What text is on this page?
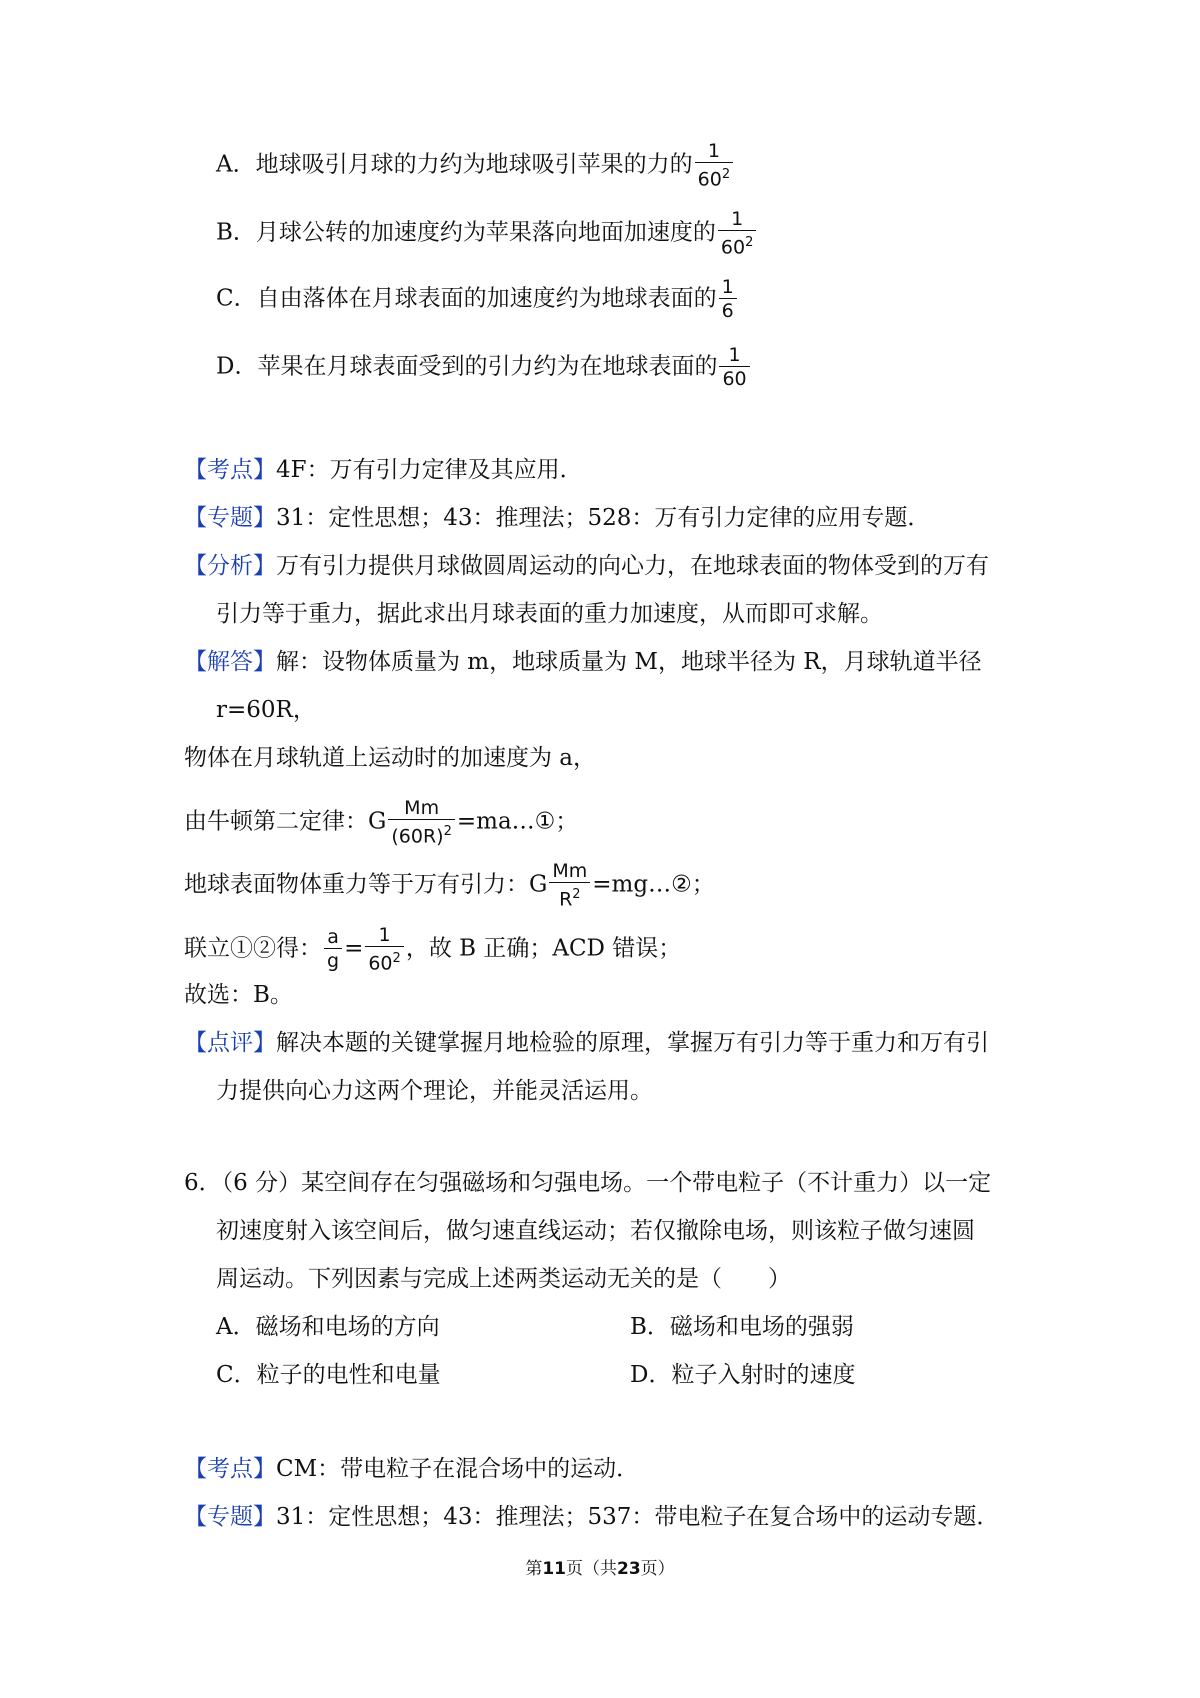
A．地球吸引月球的力约为地球吸引苹果的力的 $\frac{1}{60^2}$
B．月球公转的加速度约为苹果落向地面加速度的 $\frac{1}{60^2}$
C．自由落体在月球表面的加速度约为地球表面的 $\frac{1}{6}$
D．苹果在月球表面受到的引力约为在地球表面的 $\frac{1}{60}$
【考点】4F：万有引力定律及其应用．
【专题】31：定性思想；43：推理法；528：万有引力定律的应用专题．
【分析】万有引力提供月球做圆周运动的向心力，在地球表面的物体受到的万有
引力等于重力，据此求出月球表面的重力加速度，从而即可求解。
【解答】解：设物体质量为 m，地球质量为 M，地球半径为 R，月球轨道半径
r=60R，
物体在月球轨道上运动时的加速度为 a，
由牛顿第二定律：G $\frac{Mm}{(60R)^2}$ =ma…①；
地球表面物体重力等于万有引力：G $\frac{Mm}{R^2}$ =mg…②；
联立①②得： $\frac{a}{g} = \frac{1}{60^2}$ ，故 B 正确；ACD 错误；
故选：B。
【点评】解决本题的关键掌握月地检验的原理，掌握万有引力等于重力和万有引
力提供向心力这两个理论，并能灵活运用。
6．（6 分）某空间存在匀强磁场和匀强电场。一个带电粒子（不计重力）以一定
初速度射入该空间后，做匀速直线运动；若仅撤除电场，则该粒子做匀速圆
周运动。下列因素与完成上述两类运动无关的是（　　）
A．磁场和电场的方向	B．磁场和电场的强弱
C．粒子的电性和电量	D．粒子入射时的速度
【考点】CM：带电粒子在混合场中的运动．
【专题】31：定性思想；43：推理法；537：带电粒子在复合场中的运动专题．
第11页（共23页）
